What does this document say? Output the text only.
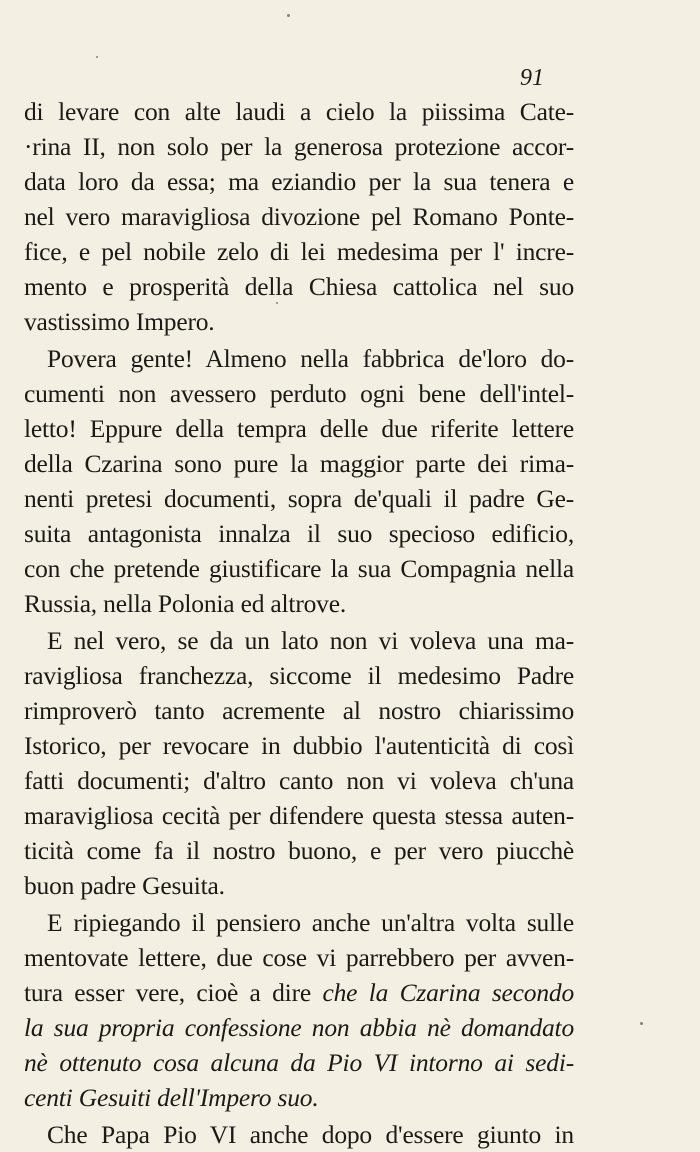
91
di levare con alte laudi a cielo la piissima Cate-
·rina II, non solo per la generosa protezione accor-
data loro da essa; ma eziandio per la sua tenera e
nel vero maravigliosa divozione pel Romano Ponte-
fice, e pel nobile zelo di lei medesima per l' incre-
mento e prosperità della Chiesa cattolica nel suo
vastissimo Impero.
Povera gente! Almeno nella fabbrica de'loro do-
cumenti non avessero perduto ogni bene dell'intel-
letto! Eppure della tempra delle due riferite lettere
della Czarina sono pure la maggior parte dei rima-
nenti pretesi documenti, sopra de'quali il padre Ge-
suita antagonista innalza il suo specioso edificio,
con che pretende giustificare la sua Compagnia nella
Russia, nella Polonia ed altrove.
E nel vero, se da un lato non vi voleva una ma-
ravigliosa franchezza, siccome il medesimo Padre
rimproverò tanto acremente al nostro chiarissimo
Istorico, per revocare in dubbio l'autenticità di così
fatti documenti; d'altro canto non vi voleva ch'una
maravigliosa cecità per difendere questa stessa auten-
ticità come fa il nostro buono, e per vero piucchè
buon padre Gesuita.
E ripiegando il pensiero anche un'altra volta sulle
mentovate lettere, due cose vi parrebbero per avven-
tura esser vere, cioè a dire che la Czarina secondo
la sua propria confessione non abbia nè domandato
nè ottenuto cosa alcuna da Pio VI intorno ai sedi-
centi Gesuiti dell'Impero suo.
Che Papa Pio VI anche dopo d'essere giunto in
